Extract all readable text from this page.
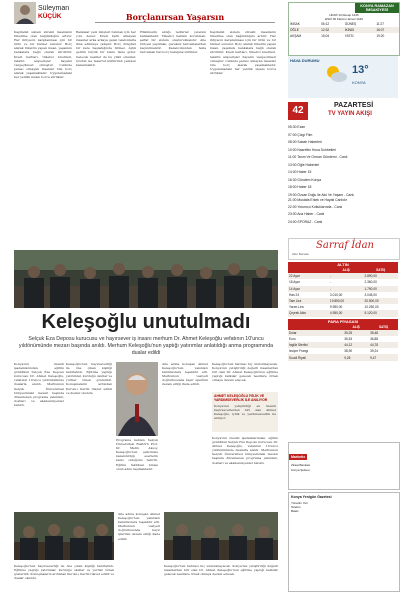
Süleyman
KÜÇÜK	Borçlanırsan Yaşarsın
Kapitalist sistem sürekli insanların tüketime olan bağımlılığını artırır. Her ihtiyacın karşılanması için bir ürün ve bir hizmet sunulur. Borç alarak tüketim yapan insan, yaşamını bankalara bağlı olarak sürdürür. Kredi kartları, tüketici kredileri, taksitli alışverişler hayatın vazgeçilmezi olmuştur. Cebinde parası olmayan insanlar bile borç alarak yaşamaktadır. Uygulamadaki her yenilik insanı borca sürükler.
Bankalar yeni müşteri bulmak için her yolu dener. Kredi kartı almayan insanlar arka arkaya gelen telefonlarla ikna edilmeye çalışılır. Borç döngüsü bir kere başladığında bitmez. Aylık gelirin büyük bir kısmı faize gider. Gelecek nesiller de bu yükü omuzlar. Çözüm ise tasarruf kültürünü yeniden kazanmaktır.
Hükümetin aldığı tedbirler yetersiz kalmaktadır. Tüketici hakları korunmalı, şeffaf bir sistem oluşturulmalıdır. Aile bütçesi yapılmalı, gereksiz harcamalardan kaçınılmalıdır. Kazancımızdan fazla harcamak bizi borç batağına sürükler.
Kapitalist sistem sürekli insanların tüketime olan bağımlılığını artırır. Her ihtiyacın karşılanması için bir ürün ve bir hizmet sunulur. Borç alarak tüketim yapan insan, yaşamını bankalara bağlı olarak sürdürür. Kredi kartları, tüketici kredileri, taksitli alışverişler hayatın vazgeçilmezi olmuştur. Cebinde parası olmayan insanlar bile borç alarak yaşamaktadır. Uygulamadaki her yenilik insanı borca sürükler.
Keleşoğlu unutulmadı
Selçuk Eza Deposu kurucusu ve hayırsever iş insanı merhum Dr. Ahmet Keleşoğlu vefatının 10'uncu yıldönümünde mezarı başında anıldı. Merhum Keleşoğlu'nun yaptığı yatırımlar anlatıldığı anma programında dualar edildi
Konya'nın önemli işadamlarından, eğitim gönüllüsü Selçuk Eza Deposu kurucusu Dr. Ahmet Keleşoğlu, vefatının 10'uncu yıldönümünde dualarla anıldı. Merhumun Selçuk Üniversitesi bünyesindeki mezarı başında düzenlenen programa yakınları, dostları ve akademisyenler katıldı.
Keleşoğlu'nun hayırseverliği ile öne çıkan kişiliği hatırlatıldı. Eğitime yaptığı yatırımlar, kurduğu okullar ve yurtlar örnek gösterildi. Konuşmaların ardından Kur'an-ı Kerim tilavet edildi ve dualar okundu.
Programa katılan Selçuk Üniversitesi Rektörü Prof. Dr. Metin Aksoy, Keleşoğlu'nun şehrimize kazandırdığı eserlerin kalıcı olduğunu belirtti. Eğitim fakültesi binası onun adını taşımaktadır.
Aile adına konuşan Ahmet Keleşoğlu'nun yakınları katılımcılara teşekkür etti. Merhumun vasiyeti doğrultusunda hayır işlerinin devam ettiği ifade edildi.
Keleşoğlu'nun hatırası hiç unutulmayacak. Konya'nın yetiştirdiği değerli insanlardan biri olan Dr. Ahmet Keleşoğlu'nun eğitime yaptığı katkılar gelecek nesillere örnek olmaya devam edecek.
AHMET KELEŞOĞLU İYİLİK VE YARDIMSEVERLİK İLE ANILIYOR
Konya'nın yetiştirdiği en önemli hayırseverlerden biri olan Ahmet Keleşoğlu, iyilik ve yardımseverlik ile anılıyor.
Konya'nın önemli işadamlarından, eğitim gönüllüsü Selçuk Eza Deposu kurucusu Dr. Ahmet Keleşoğlu, vefatının 10'uncu yıldönümünde dualarla anıldı. Merhumun Selçuk Üniversitesi bünyesindeki mezarı başında düzenlenen programa yakınları, dostları ve akademisyenler katıldı.
Aile adına konuşan Ahmet Keleşoğlu'nun yakınları katılımcılara teşekkür etti. Merhumun vasiyeti doğrultusunda hayır işlerinin devam ettiği ifade edildi.
Keleşoğlu'nun hayırseverliği ile öne çıkan kişiliği hatırlatıldı. Eğitime yaptığı yatırımlar, kurduğu okullar ve yurtlar örnek gösterildi. Konuşmaların ardından Kur'an-ı Kerim tilavet edildi ve dualar okundu.
Keleşoğlu'nun hatırası hiç unutulmayacak. Konya'nın yetiştirdiği değerli insanlardan biri olan Dr. Ahmet Keleşoğlu'nun eğitime yaptığı katkılar gelecek nesillere örnek olmaya devam edecek.
KONYA RAMAZAN İMSAKİYESİ
HİCRİ 13 Recep 1446
ESKİ 30 Kânûn-i Evvel 1440
İMSAK	06:12	GÜNEŞ	11:27
ÖĞLE	12:32	İKİNDİ	16:07
AKŞAM	15:04	YATSI	19:20
HAVA DURUMU
13°
KONYA
42	PAZARTESİ
TV YAYIN AKIŞI
05:30 Ezan
07:00 Çizgi Film
08:00 Sabah Haberleri
10:00 Nasrettin Hoca Sohbetleri
11:00 Tarım Ve Orman Gündemi - Canlı
13:00 Öğle Haberleri
14:00 Haber 15
16:30 Gündem Konya
18:00 Haber 18
19:00 Özcan Doğu ile Akıl Ve Yaşam - Canlı
21:00 Mustafa Erkek ve Hayati Canlıdır
22:00 Yorumcu Koltuklarında - Canlı
23:00 Ana Haber - Canlı
24:00 SPORAZ - Canlı
Sarraf İdan
Altın Borsası
ALTIN
	ALIŞ	SATIŞ
22 Ayar	-	2.890,00
18 Ayar	-	2.360,00
14 Ayar	-	1.790,00
Has 24	3.010,00	3.045,00
Tam Lira	19.850,00	20.500,00
Yarım Lira	9.950,00	10.250,00
Çeyrek Altın	4.950,00	5.120,00
PARA PİYASASI
	ALIŞ	SATIŞ
Dolar	35,25	35,48
Euro	36,53	36,88
İngiliz Sterlini	44,12	44,78
İsviçre Frangı	38,90	39,24
Suudi Riyali	9,28	9,47
Marketix
Ziraat Bankası
Konya Şubesi
Konya Yenigün Gazetesi
Yönetim Yeri
Telefon
Baskı
